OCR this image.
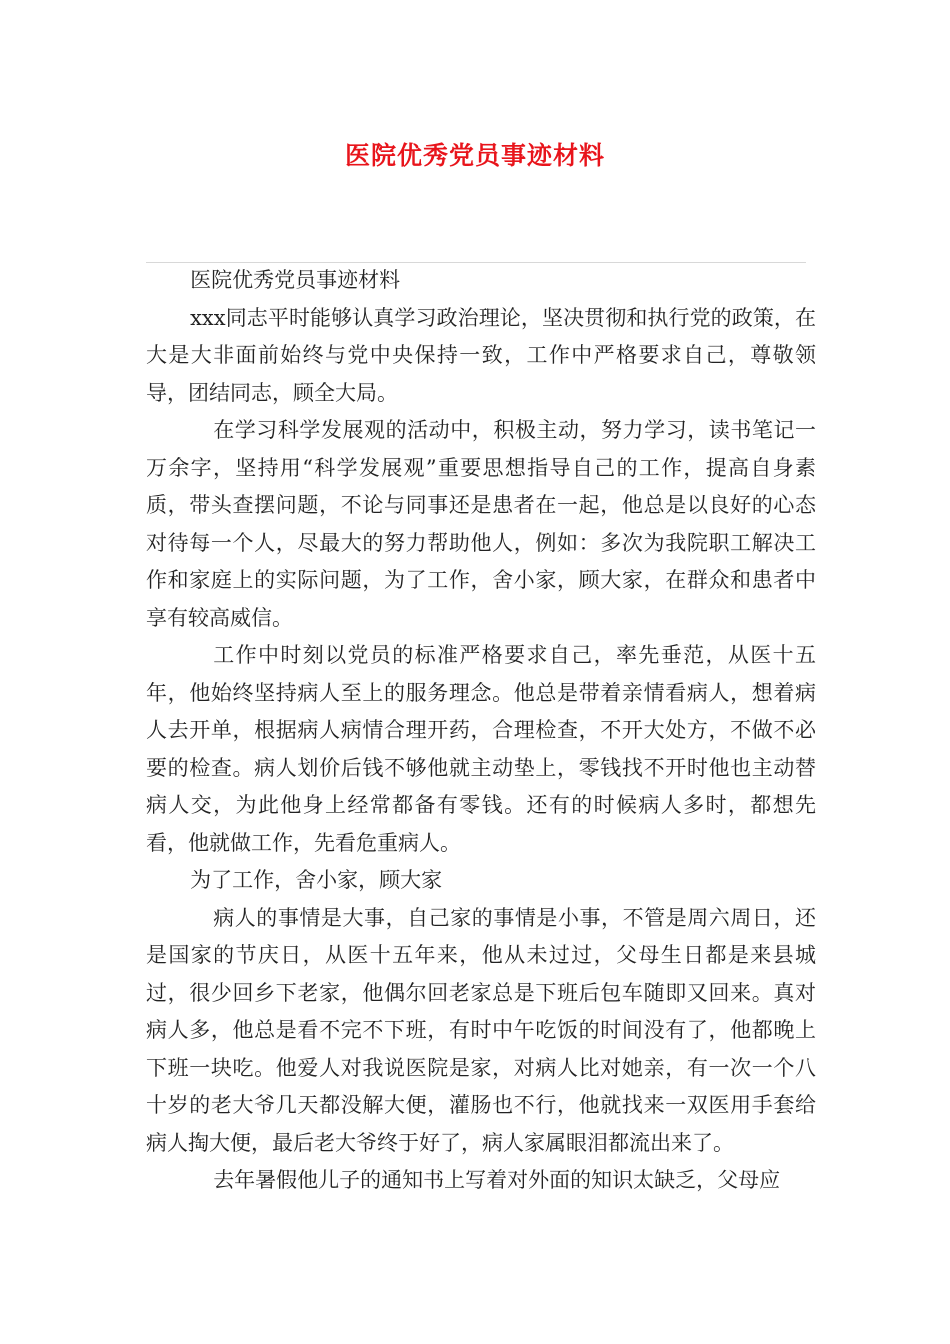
医院优秀党员事迹材料

医院优秀党员事迹材料

xxx同志平时能够认真学习政治理论，坚决贯彻和执行党的政策，在大是大非面前始终与党中央保持一致，工作中严格要求自己，尊敬领导，团结同志，顾全大局。

在学习科学发展观的活动中，积极主动，努力学习，读书笔记一万余字，坚持用“科学发展观”重要思想指导自己的工作，提高自身素质，带头查摆问题，不论与同事还是患者在一起，他总是以良好的心态对待每一个人，尽最大的努力帮助他人，例如：多次为我院职工解决工作和家庭上的实际问题，为了工作，舍小家，顾大家，在群众和患者中享有较高威信。

工作中时刻以党员的标准严格要求自己，率先垂范，从医十五年，他始终坚持病人至上的服务理念。他总是带着亲情看病人，想着病人去开单，根据病人病情合理开药，合理检查，不开大处方，不做不必要的检查。病人划价后钱不够他就主动垫上，零钱找不开时他也主动替病人交，为此他身上经常都备有零钱。还有的时候病人多时，都想先看，他就做工作，先看危重病人。

为了工作，舍小家，顾大家

病人的事情是大事，自己家的事情是小事，不管是周六周日，还是国家的节庆日，从医十五年来，他从未过过，父母生日都是来县城过，很少回乡下老家，他偶尔回老家总是下班后包车随即又回来。真对病人多，他总是看不完不下班，有时中午吃饭的时间没有了，他都晚上下班一块吃。他爱人对我说医院是家，对病人比对她亲，有一次一个八十岁的老大爷几天都没解大便，灌肠也不行，他就找来一双医用手套给病人掏大便，最后老大爷终于好了，病人家属眼泪都流出来了。

去年暑假他儿子的通知书上写着对外面的知识太缺乏，父母应
